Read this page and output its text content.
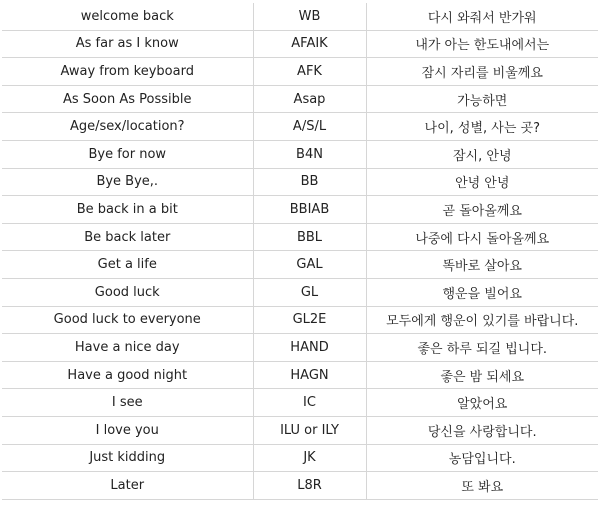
welcome back	WB	다시 와줘서 반가워
As far as I know	AFAIK	내가 아는 한도내에서는
Away from keyboard	AFK	잠시 자리를 비울께요
As Soon As Possible	Asap	가능하면
Age/sex/location?	A/S/L	나이, 성별, 사는 곳?
Bye for now	B4N	잠시, 안녕
Bye Bye,.	BB	안녕 안녕
Be back in a bit	BBIAB	곧 돌아올께요
Be back later	BBL	나중에 다시 돌아올께요
Get a life	GAL	똑바로 살아요
Good luck	GL	행운을 빌어요
Good luck to everyone	GL2E	모두에게 행운이 있기를 바랍니다.
Have a nice day	HAND	좋은 하루 되길 빕니다.
Have a good night	HAGN	좋은 밤 되세요
I see	IC	알았어요
I love you	ILU or ILY	당신을 사랑합니다.
Just kidding	JK	농담입니다.
Later	L8R	또 봐요
